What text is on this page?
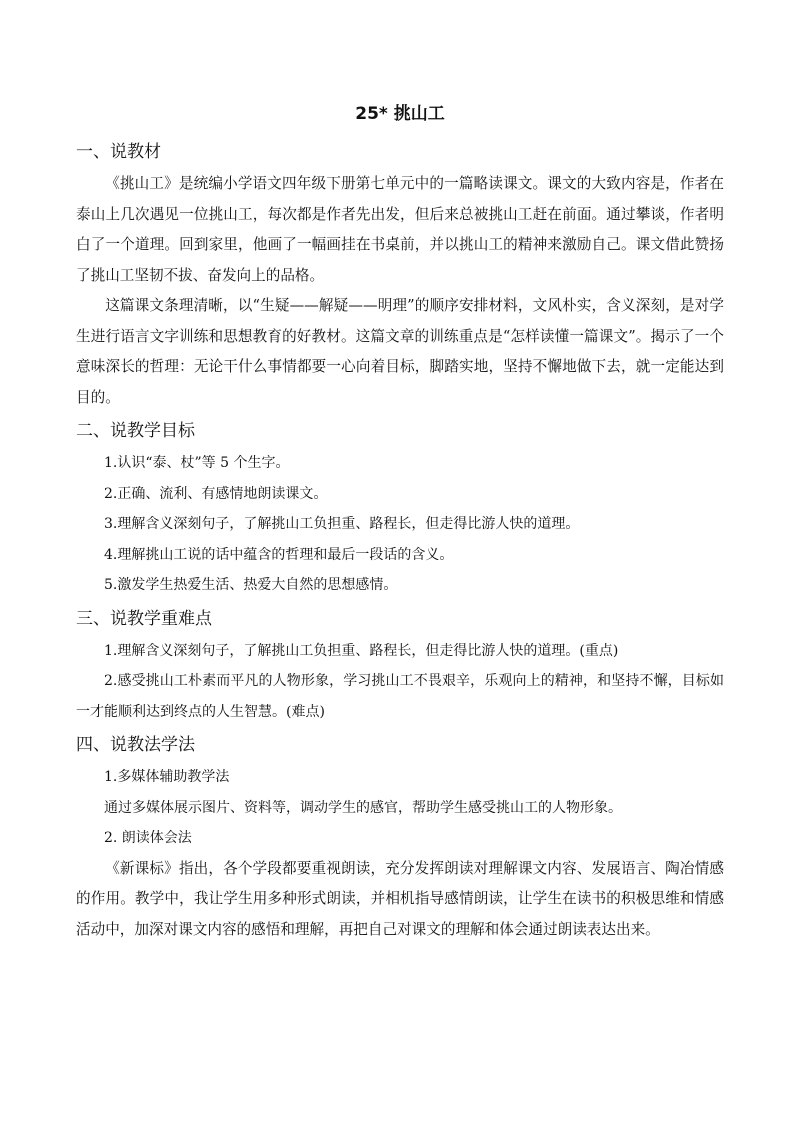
25* 挑山工
一、说教材

《挑山工》是统编小学语文四年级下册第七单元中的一篇略读课文。课文的大致内容是，作者在泰山上几次遇见一位挑山工，每次都是作者先出发，但后来总被挑山工赶在前面。通过攀谈，作者明白了一个道理。回到家里，他画了一幅画挂在书桌前，并以挑山工的精神来激励自己。课文借此赞扬了挑山工坚韧不拔、奋发向上的品格。

这篇课文条理清晰，以“生疑——解疑——明理”的顺序安排材料，文风朴实，含义深刻，是对学生进行语言文字训练和思想教育的好教材。这篇文章的训练重点是“怎样读懂一篇课文”。揭示了一个意味深长的哲理：无论干什么事情都要一心向着目标，脚踏实地，坚持不懈地做下去，就一定能达到目的。

二、说教学目标

1.认识“泰、杖”等 5 个生字。

2.正确、流利、有感情地朗读课文。

3.理解含义深刻句子，了解挑山工负担重、路程长，但走得比游人快的道理。

4.理解挑山工说的话中蕴含的哲理和最后一段话的含义。

5.激发学生热爱生活、热爱大自然的思想感情。

三、说教学重难点

1.理解含义深刻句子，了解挑山工负担重、路程长，但走得比游人快的道理。(重点)

2.感受挑山工朴素而平凡的人物形象，学习挑山工不畏艰辛，乐观向上的精神，和坚持不懈，目标如一才能顺利达到终点的人生智慧。(难点)

四、说教法学法

1.多媒体辅助教学法

通过多媒体展示图片、资料等，调动学生的感官，帮助学生感受挑山工的人物形象。

2. 朗读体会法

《新课标》指出，各个学段都要重视朗读，充分发挥朗读对理解课文内容、发展语言、陶冶情感的作用。教学中，我让学生用多种形式朗读，并相机指导感情朗读，让学生在读书的积极思维和情感活动中，加深对课文内容的感悟和理解，再把自己对课文的理解和体会通过朗读表达出来。
